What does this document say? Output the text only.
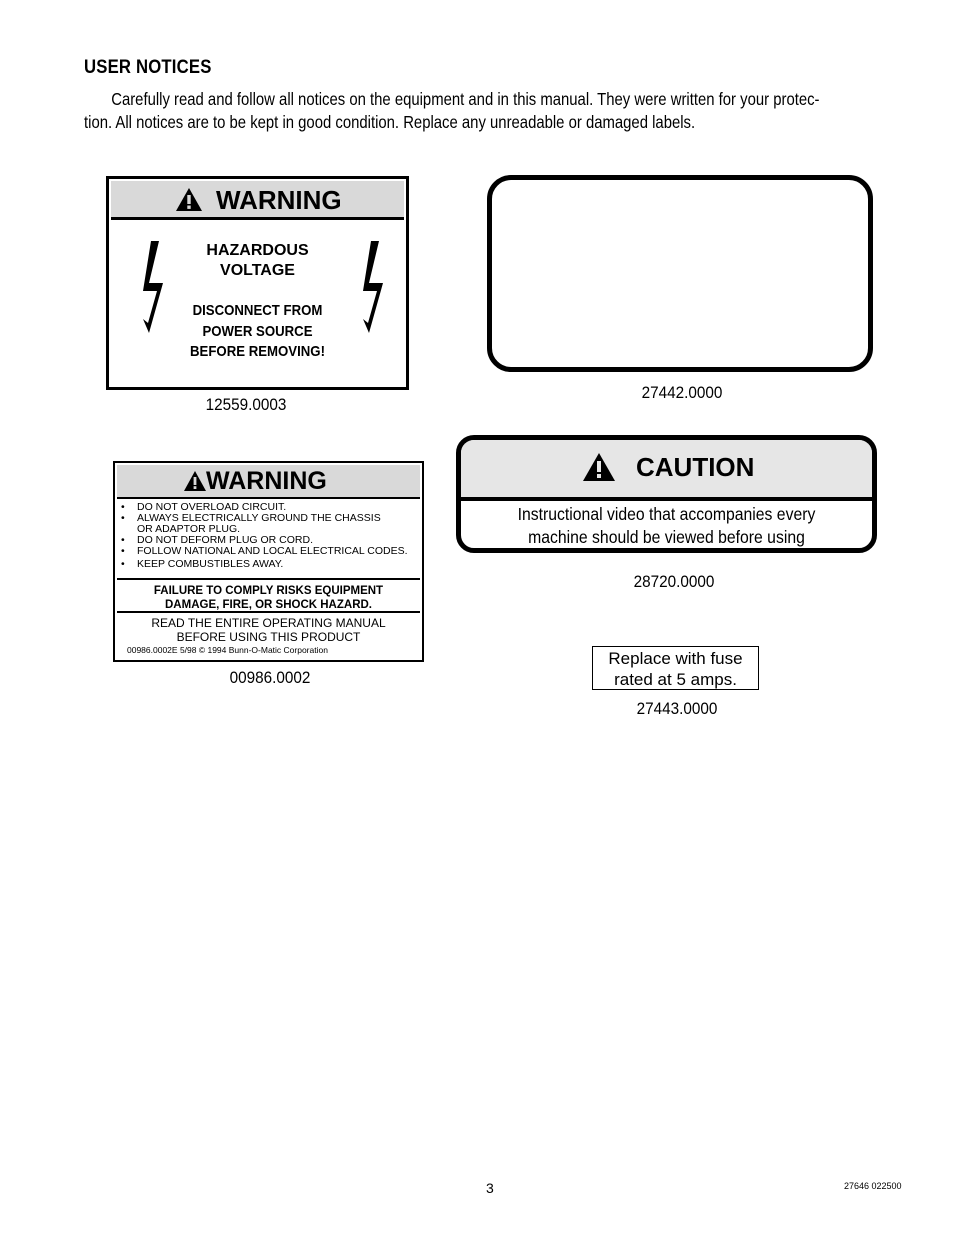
USER NOTICES
Carefully read and follow all notices on the equipment and in this manual. They were written for your protec-
tion. All notices are to be kept in good condition. Replace any unreadable or damaged labels.
WARNING
HAZARDOUS
VOLTAGE
DISCONNECT FROM
POWER SOURCE
BEFORE REMOVING!
12559.0003
27442.0000
WARNING
• DO NOT OVERLOAD CIRCUIT.
• ALWAYS ELECTRICALLY GROUND THE CHASSIS OR ADAPTOR PLUG.
• DO NOT DEFORM PLUG OR CORD.
• FOLLOW NATIONAL AND LOCAL ELECTRICAL CODES.
• KEEP COMBUSTIBLES AWAY.
FAILURE TO COMPLY RISKS EQUIPMENT
DAMAGE, FIRE, OR SHOCK HAZARD.
READ THE ENTIRE OPERATING MANUAL
BEFORE USING THIS PRODUCT
00986.0002E 5/98 © 1994 Bunn-O-Matic Corporation
00986.0002
CAUTION
Instructional video that accompanies every
machine should be viewed before using
28720.0000
Replace with fuse
rated at 5 amps.
27443.0000
3	27646 022500
